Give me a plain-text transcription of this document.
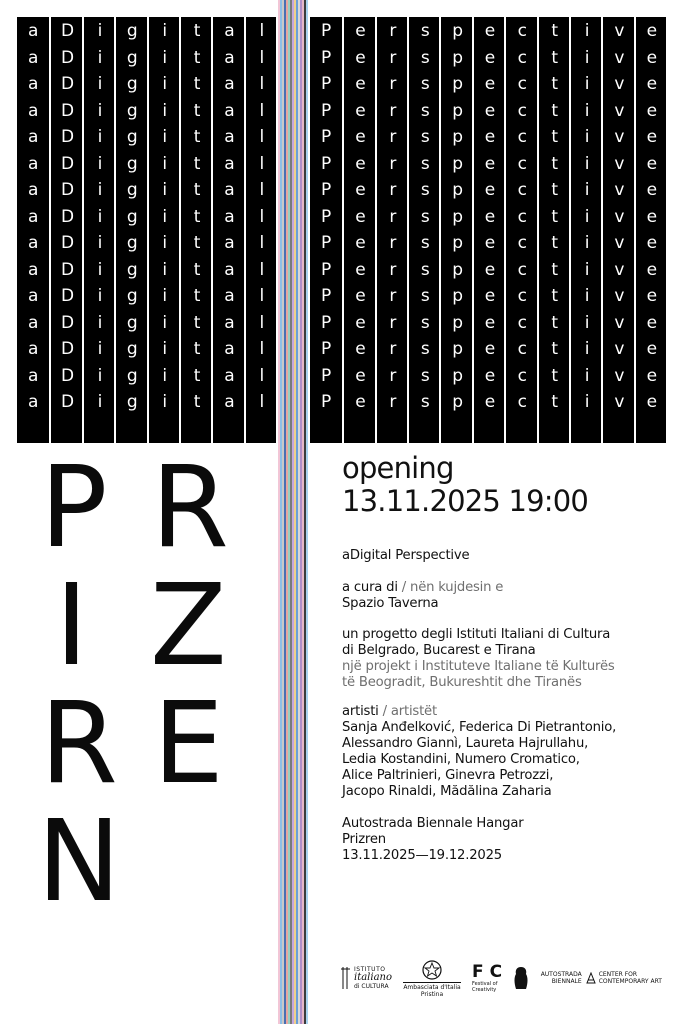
a
a
a
a
a
a
a
a
a
a
a
a
a
a
a
D
D
D
D
D
D
D
D
D
D
D
D
D
D
D
i
i
i
i
i
i
i
i
i
i
i
i
i
i
i
g
g
g
g
g
g
g
g
g
g
g
g
g
g
g
i
i
i
i
i
i
i
i
i
i
i
i
i
i
i
t
t
t
t
t
t
t
t
t
t
t
t
t
t
t
a
a
a
a
a
a
a
a
a
a
a
a
a
a
a
l
l
l
l
l
l
l
l
l
l
l
l
l
l
l
P
P
P
P
P
P
P
P
P
P
P
P
P
P
P
e
e
e
e
e
e
e
e
e
e
e
e
e
e
e
r
r
r
r
r
r
r
r
r
r
r
r
r
r
r
s
s
s
s
s
s
s
s
s
s
s
s
s
s
s
p
p
p
p
p
p
p
p
p
p
p
p
p
p
p
e
e
e
e
e
e
e
e
e
e
e
e
e
e
e
c
c
c
c
c
c
c
c
c
c
c
c
c
c
c
t
t
t
t
t
t
t
t
t
t
t
t
t
t
t
i
i
i
i
i
i
i
i
i
i
i
i
i
i
i
v
v
v
v
v
v
v
v
v
v
v
v
v
v
v
e
e
e
e
e
e
e
e
e
e
e
e
e
e
e
P R
I Z
R E
N
opening
13.11.2025 19:00
aDigital Perspective
a cura di / nën kujdesin e
Spazio Taverna
un progetto degli Istituti Italiani di Cultura
di Belgrado, Bucarest e Tirana
një projekt i Instituteve Italiane të Kulturës
të Beogradit, Bukureshtit dhe Tiranës
artisti / artistët
Sanja Anđelković, Federica Di Pietrantonio,
Alessandro Giannì, Laureta Hajrullahu,
Ledia Kostandini, Numero Cromatico,
Alice Paltrinieri, Ginevra Petrozzi,
Jacopo Rinaldi, Mădălina Zaharia
Autostrada Biennale Hangar
Prizren
13.11.2025—19.12.2025
ISTITUTO
italiano
di CULTURA	Ambasciata d'Italia
Pristina
F C
Festival of Creativity
AUTOSTRADA
BIENNALE
CENTER FOR
CONTEMPORARY ART
